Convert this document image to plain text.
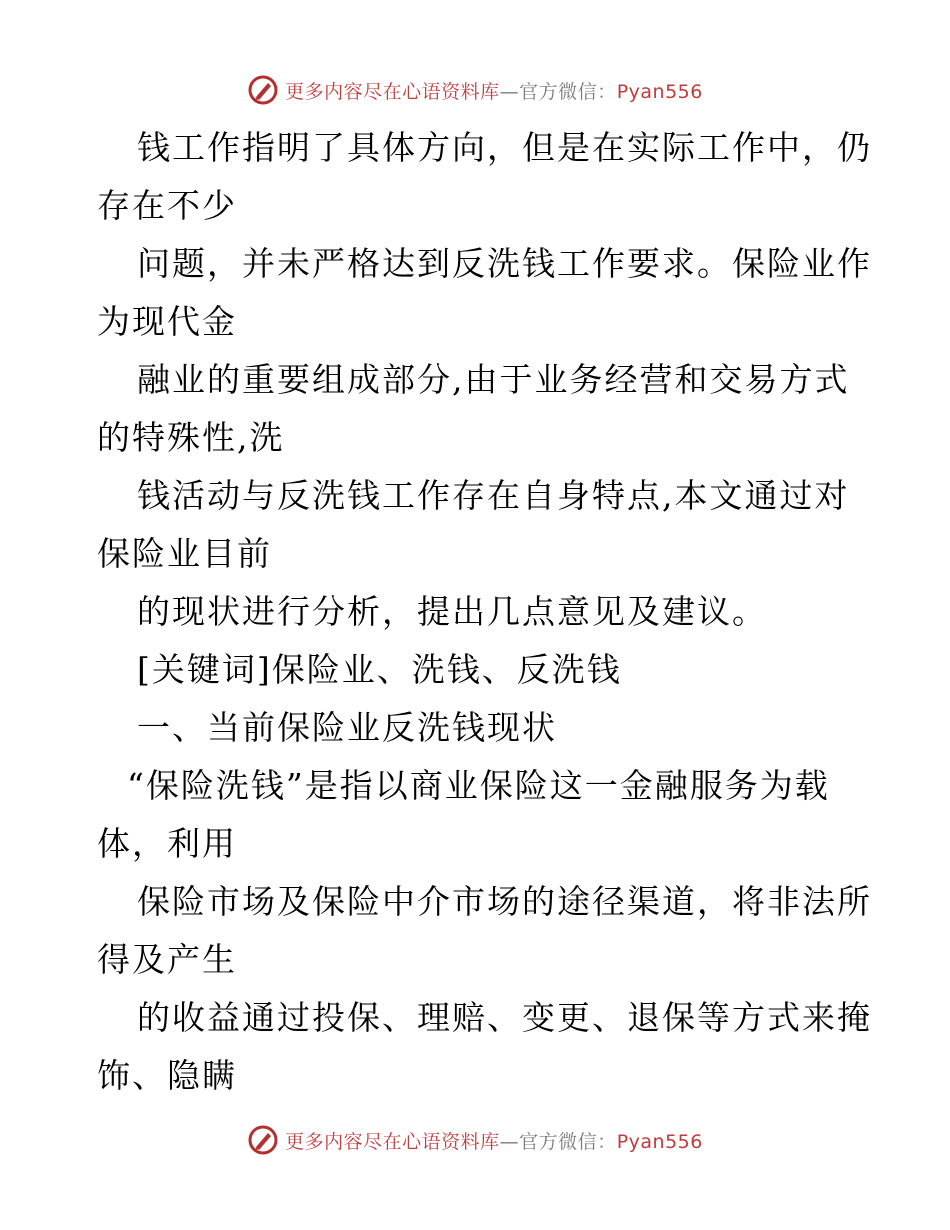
更多内容尽在心语资料库—官方微信：Pyan556
钱工作指明了具体方向，但是在实际工作中，仍
存在不少
问题，并未严格达到反洗钱工作要求。保险业作
为现代金
融业的重要组成部分,由于业务经营和交易方式
的特殊性,洗
钱活动与反洗钱工作存在自身特点,本文通过对
保险业目前
的现状进行分析，提出几点意见及建议。
[关键词]保险业、洗钱、反洗钱
一、当前保险业反洗钱现状
“保险洗钱”是指以商业保险这一金融服务为载
体，利用
保险市场及保险中介市场的途径渠道，将非法所
得及产生
的收益通过投保、理赔、变更、退保等方式来掩
饰、隐瞒
更多内容尽在心语资料库—官方微信：Pyan556
